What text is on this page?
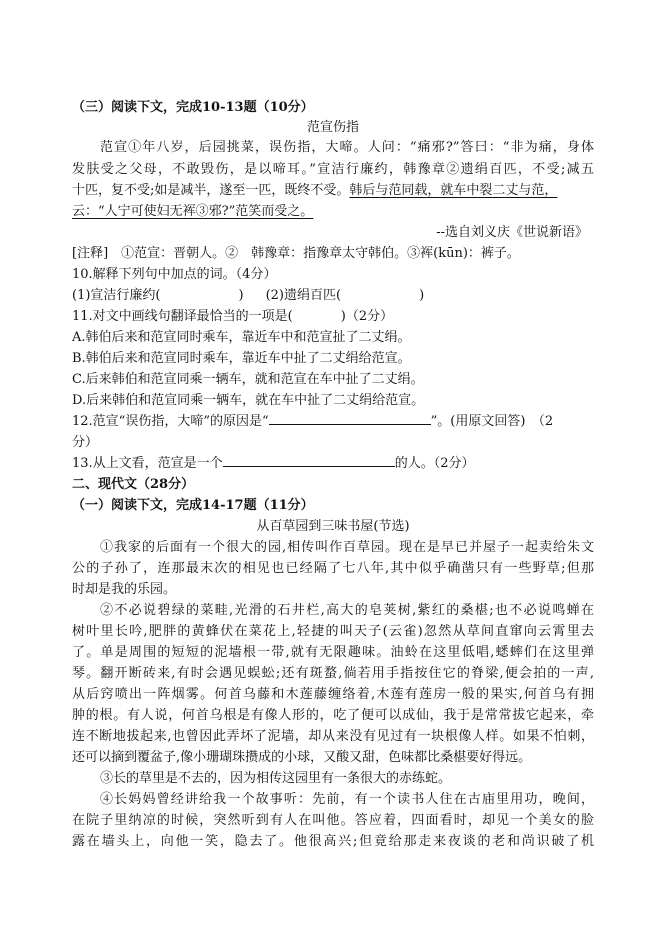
（三）阅读下文，完成10-13题（10分）
范宣伤指
范宣①年八岁，后园挑菜，误伤指，大啼。人问：“痛邪?”答曰：“非为痛，身体
发肤受之父母，不敢毁伤，是以啼耳。”宣洁行廉约，韩豫章②遗绢百匹，不受;减五
十匹，复不受;如是减半，遂至一匹，既终不受。韩后与范同载，就车中裂二丈与范，
云：“人宁可使妇无裈③邪?”范笑而受之。
--选自刘义庆《世说新语》
[注释]　①范宣：晋朝人。②　韩豫章：指豫章太守韩伯。③裈(kūn)：裤子。
10.解释下列句中加点的词。（4分）
(1)宣洁行廉约(	) (2)遗绢百匹(	)
11.对文中画线句翻译最恰当的一项是(	)（2分）
A.韩伯后来和范宣同时乘车，靠近车中和范宣扯了二丈绢。
B.韩伯后来和范宣同时乘车，靠近车中扯了二丈绢给范宣。
C.后来韩伯和范宣同乘一辆车，就和范宣在车中扯了二丈绢。
D.后来韩伯和范宣同乘一辆车，就在车中扯了二丈绢给范宣。
12.范宣“误伤指，大啼”的原因是“	”。(用原文回答)　（2
分）
13.从上文看，范宣是一个	的人。（2分）
二、现代文（28分）
（一）阅读下文，完成14-17题（11分）
从百草园到三味书屋(节选)
①我家的后面有一个很大的园,相传叫作百草园。现在是早已并屋子一起卖给朱文
公的子孙了，连那最末次的相见也已经隔了七八年,其中似乎确凿只有一些野草;但那
时却是我的乐园。
②不必说碧绿的菜畦,光滑的石井栏,高大的皂荚树,紫红的桑椹;也不必说鸣蝉在
树叶里长吟,肥胖的黄蜂伏在菜花上,轻捷的叫天子(云雀)忽然从草间直窜向云霄里去
了。单是周围的短短的泥墙根一带,就有无限趣味。油蛉在这里低唱,蟋蟀们在这里弹
琴。翻开断砖来,有时会遇见蜈蚣;还有斑蝥,倘若用手指按住它的脊梁,便会拍的一声,
从后窍喷出一阵烟雾。何首乌藤和木莲藤缠络着,木莲有莲房一般的果实,何首乌有拥
肿的根。有人说，何首乌根是有像人形的，吃了便可以成仙，我于是常常拔它起来，牵
连不断地拔起来,也曾因此弄坏了泥墙，却从来没有见过有一块根像人样。如果不怕刺，
还可以摘到覆盆子,像小珊瑚珠攒成的小球，又酸又甜，色味都比桑椹要好得远。
③长的草里是不去的，因为相传这园里有一条很大的赤练蛇。
④长妈妈曾经讲给我一个故事听：先前，有一个读书人住在古庙里用功，晚间，
在院子里纳凉的时候，突然听到有人在叫他。答应着，四面看时，却见一个美女的脸
露在墙头上，向他一笑，隐去了。他很高兴;但竟给那走来夜谈的老和尚识破了机
